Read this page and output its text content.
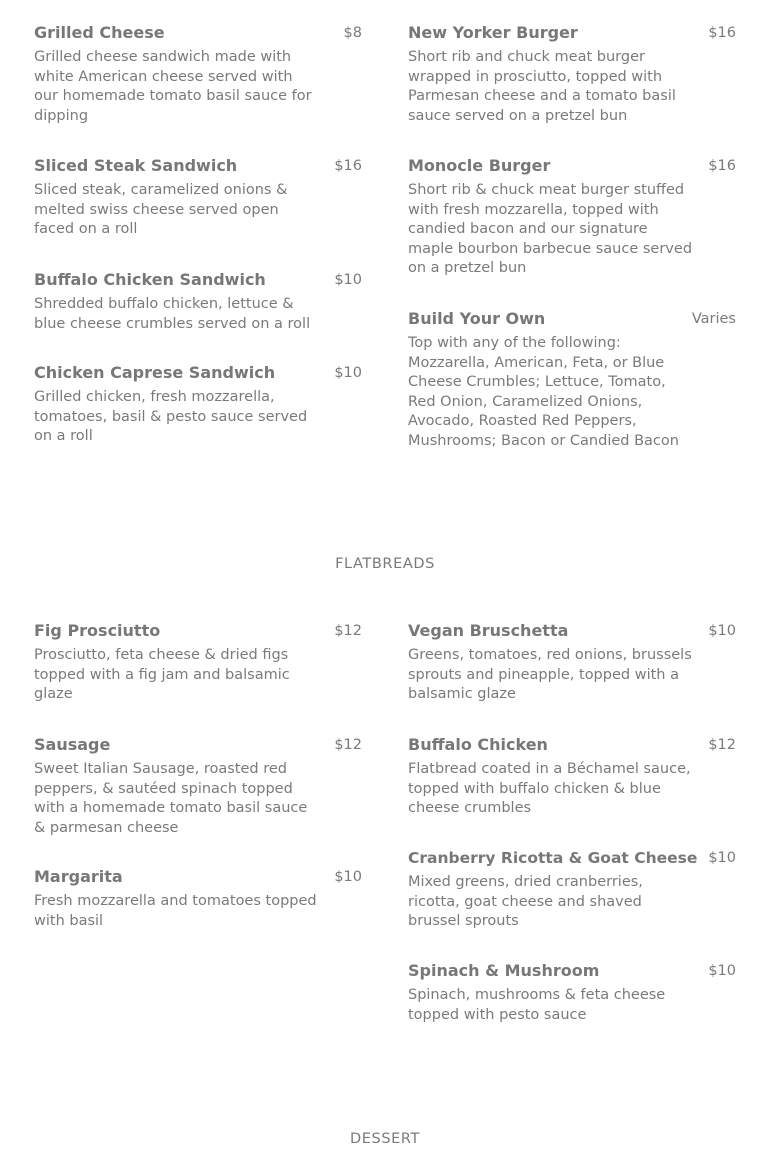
Grilled Cheese	$8
Grilled cheese sandwich made with white American cheese served with our homemade tomato basil sauce for dipping
Sliced Steak Sandwich	$16
Sliced steak, caramelized onions & melted swiss cheese served open faced on a roll
Buffalo Chicken Sandwich	$10
Shredded buffalo chicken, lettuce & blue cheese crumbles served on a roll
Chicken Caprese Sandwich	$10
Grilled chicken, fresh mozzarella, tomatoes, basil & pesto sauce served on a roll
New Yorker Burger	$16
Short rib and chuck meat burger wrapped in prosciutto, topped with Parmesan cheese and a tomato basil sauce served on a pretzel bun
Monocle Burger	$16
Short rib & chuck meat burger stuffed with fresh mozzarella, topped with candied bacon and our signature maple bourbon barbecue sauce served on a pretzel bun
Build Your Own	Varies
Top with any of the following: Mozzarella, American, Feta, or Blue Cheese Crumbles; Lettuce, Tomato, Red Onion, Caramelized Onions, Avocado, Roasted Red Peppers, Mushrooms; Bacon or Candied Bacon
FLATBREADS
Fig Prosciutto	$12
Prosciutto, feta cheese & dried figs topped with a fig jam and balsamic glaze
Sausage	$12
Sweet Italian Sausage, roasted red peppers, & sautéed spinach topped with a homemade tomato basil sauce & parmesan cheese
Margarita	$10
Fresh mozzarella and tomatoes topped with basil
Vegan Bruschetta	$10
Greens, tomatoes, red onions, brussels sprouts and pineapple, topped with a balsamic glaze
Buffalo Chicken	$12
Flatbread coated in a Béchamel sauce, topped with buffalo chicken & blue cheese crumbles
Cranberry Ricotta & Goat Cheese $10
Mixed greens, dried cranberries, ricotta, goat cheese and shaved brussel sprouts
Spinach & Mushroom	$10
Spinach, mushrooms & feta cheese topped with pesto sauce
DESSERT
